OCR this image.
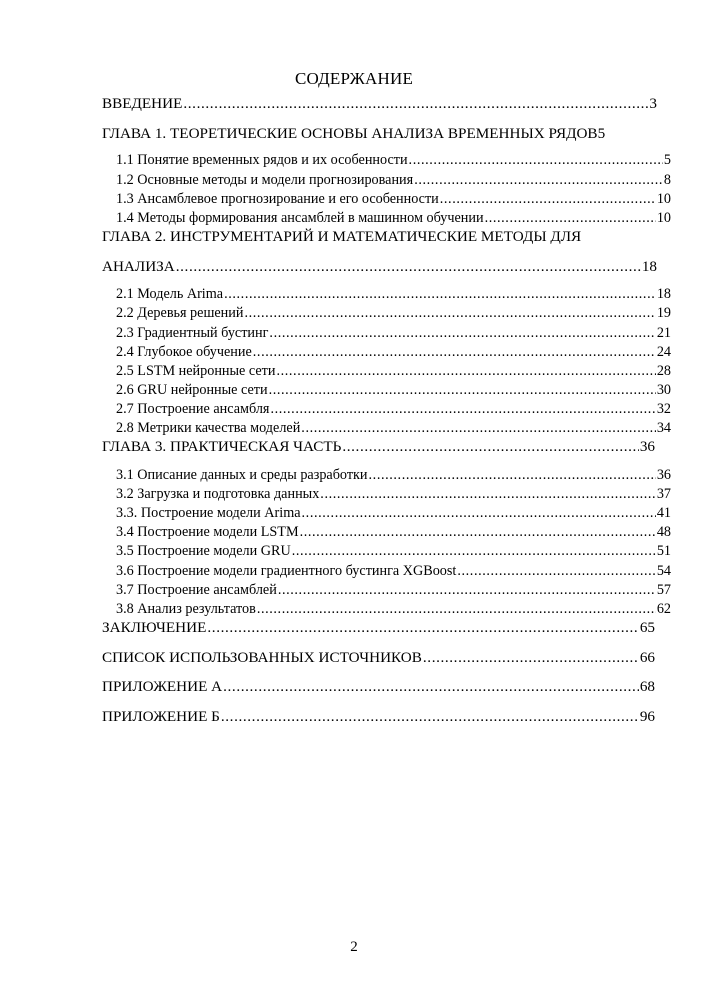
СОДЕРЖАНИЕ
ВВЕДЕНИЕ .....	3
ГЛАВА 1. ТЕОРЕТИЧЕСКИЕ ОСНОВЫ АНАЛИЗА ВРЕМЕННЫХ РЯДОВ 5
1.1 Понятие временных рядов и их особенности .....	5
1.2 Основные методы и модели прогнозирования .....	8
1.3 Ансамблевое прогнозирование и его особенности .....	10
1.4 Методы формирования ансамблей в машинном обучении .....	10
ГЛАВА 2. ИНСТРУМЕНТАРИЙ И МАТЕМАТИЧЕСКИЕ МЕТОДЫ ДЛЯ
АНАЛИЗА .....	18
2.1 Модель Arima .....	18
2.2 Деревья решений .....	19
2.3 Градиентный бустинг .....	21
2.4 Глубокое обучение .....	24
2.5 LSTM нейронные сети .....	28
2.6 GRU нейронные сети .....	30
2.7 Построение ансамбля .....	32
2.8 Метрики качества моделей .....	34
ГЛАВА 3. ПРАКТИЧЕСКАЯ ЧАСТЬ .....	36
3.1 Описание данных и среды разработки .....	36
3.2 Загрузка и подготовка данных .....	37
3.3. Построение модели Arima .....	41
3.4 Построение модели LSTM .....	48
3.5 Построение модели GRU .....	51
3.6 Построение модели градиентного бустинга XGBoost .....	54
3.7 Построение ансамблей .....	57
3.8 Анализ результатов .....	62
ЗАКЛЮЧЕНИЕ .....	65
СПИСОК ИСПОЛЬЗОВАННЫХ ИСТОЧНИКОВ .....	66
ПРИЛОЖЕНИЕ А .....	68
ПРИЛОЖЕНИЕ Б .....	96
2
